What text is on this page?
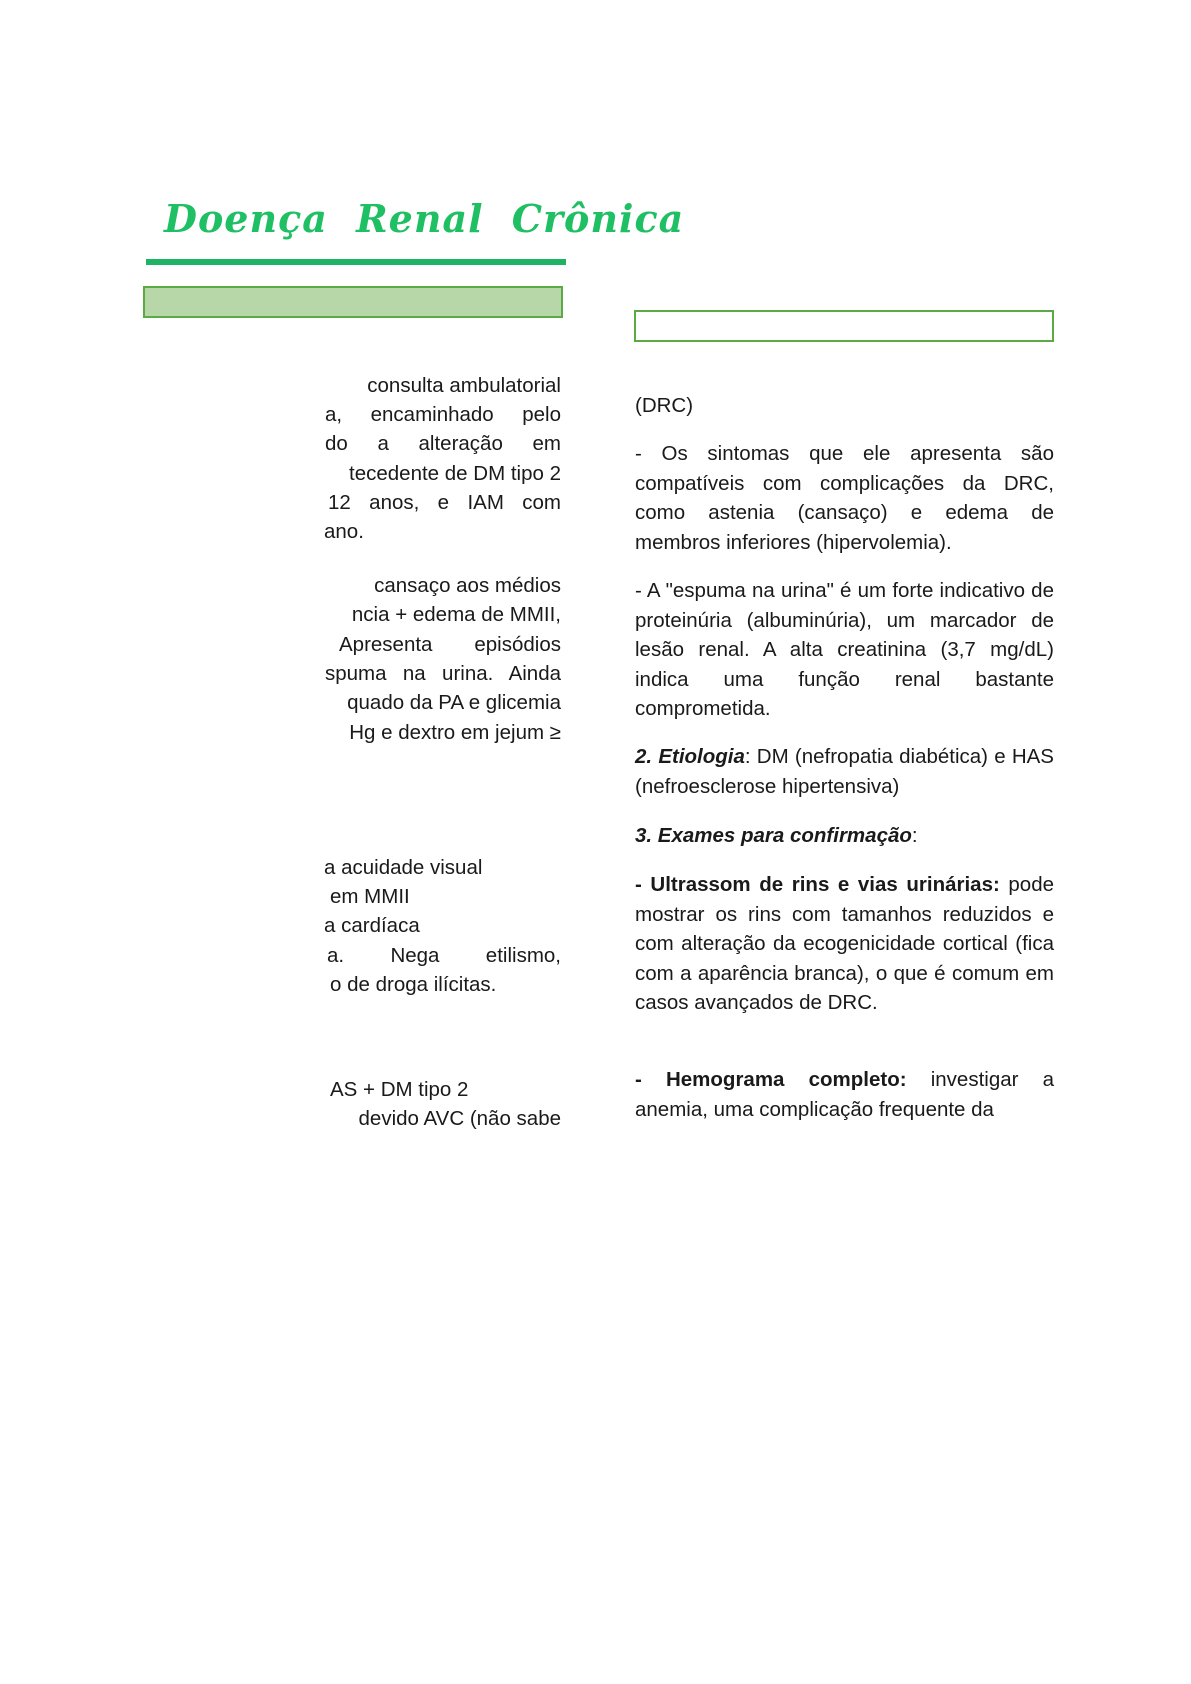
Doença Renal Crônica
consulta ambulatorial
a, encaminhado pelo
do a alteração em
tecedente de DM tipo 2
12 anos, e IAM com
ano.
cansaço aos médios
ncia + edema de MMII,
Apresenta episódios
spuma na urina. Ainda
quado da PA e glicemia
Hg e dextro em jejum ≥
a acuidade visual
em MMII
a cardíaca
a. Nega etilismo,
o de droga ilícitas.
AS + DM tipo 2
devido AVC (não sabe

(DRC)

- Os sintomas que ele apresenta são compatíveis com complicações da DRC, como astenia (cansaço) e edema de membros inferiores (hipervolemia).

- A "espuma na urina" é um forte indicativo de proteinúria (albuminúria), um marcador de lesão renal. A alta creatinina (3,7 mg/dL) indica uma função renal bastante comprometida.

2. Etiologia: DM (nefropatia diabética) e HAS (nefroesclerose hipertensiva)

3. Exames para confirmação:

- Ultrassom de rins e vias urinárias: pode mostrar os rins com tamanhos reduzidos e com alteração da ecogenicidade cortical (fica com a aparência branca), o que é comum em casos avançados de DRC.

- Hemograma completo: investigar a anemia, uma complicação frequente da
